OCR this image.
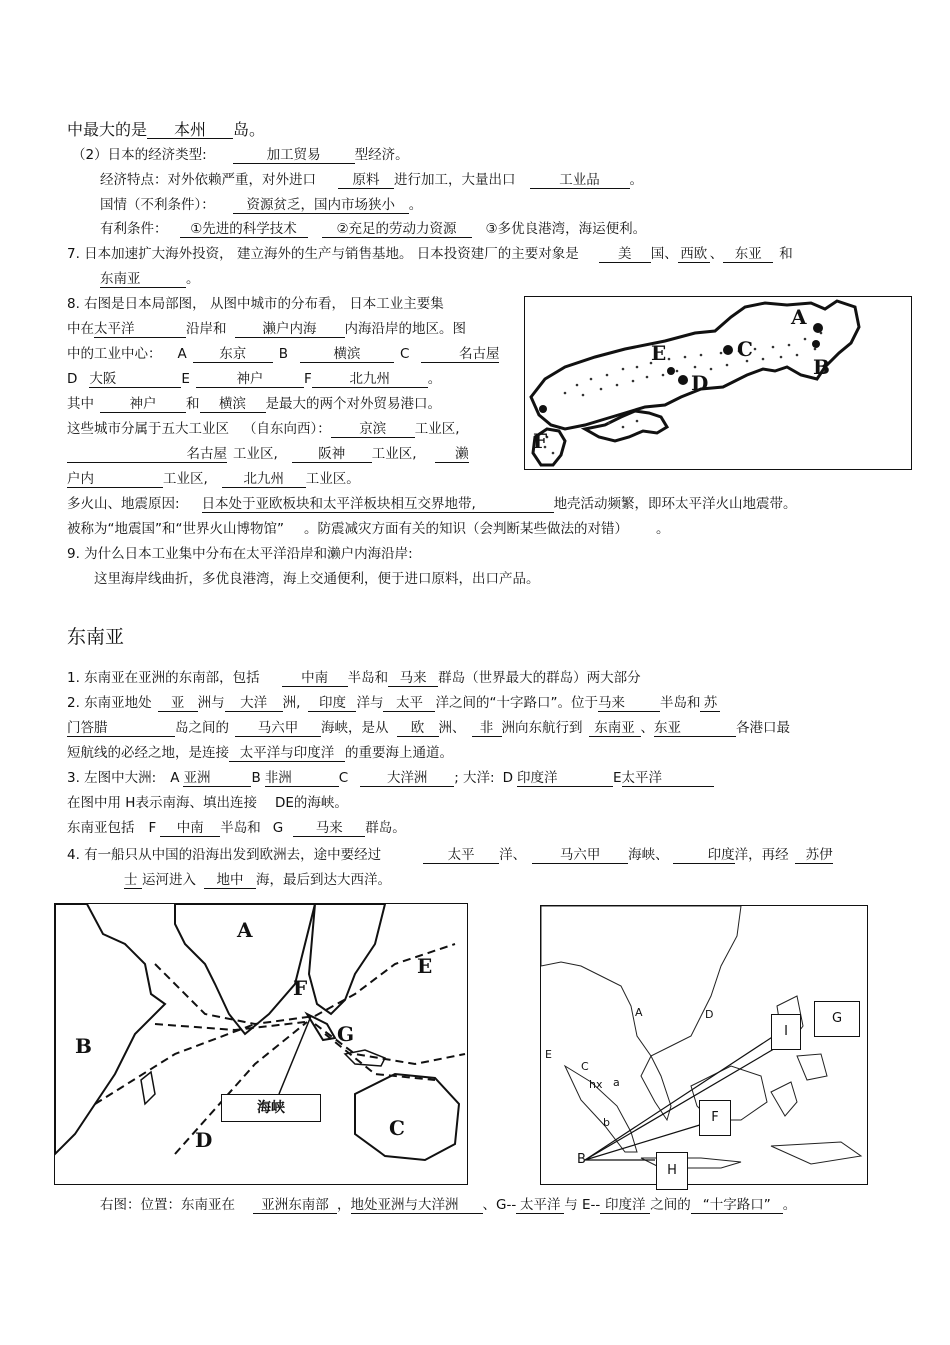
中最大的是 本州 岛。
（2）日本的经济类型:	加工贸易	型经济。
经济特点：对外依赖严重，对外进口	原料 进行加工，大量出口	工业品 。
国情（不利条件）： 资源贫乏，国内市场狭小 。
有利条件： ①先进的科学技术	②充足的劳动力资源 ③多优良港湾，海运便利。
7. 日本加速扩大海外投资， 建立海外的生产与销售基地。 日本投资建厂的主要对象是	美 国、 西欧 、 东亚 和
东南亚	。
8. 右图是日本局部图， 从图中城市的分布看， 日本工业主要集
中在太平洋	沿岸和	濑户内海 内海沿岸的地区。图
中的工业中心： A 东京 B	横滨	C	名古屋
D 大阪	E	神户	F	北九州	。
其中	神户 和 横滨 是最大的两个对外贸易港口。
这些城市分属于五大工业区 （自东向西）： 京滨 工业区,
名古屋 工业区,	阪神 工业区,	濑
户内	工业区,	北九州 工业区。
多火山、地震原因: 日本处于亚欧板块和太平洋板块相互交界地带,	地壳活动频繁，即环太平洋火山地震带。
被称为“地震国”和“世界火山博物馆” 。防震减灾方面有关的知识（会判断某些做法的对错） 。
9. 为什么日本工业集中分布在太平洋沿岸和濑户内海沿岸:
这里海岸线曲折，多优良港湾，海上交通便利，便于进口原料，出口产品。
A
B
C
D
E
F
东南亚
1. 东南亚在亚洲的东南部，包括	中南 半岛和 马来 群岛（世界最大的群岛）两大部分
2. 东南亚地处 亚 洲与 大洋 洲, 印度 洋与 太平 洋之间的“十字路口”。位于马来	半岛和 苏
门答腊	岛之间的 马六甲 海峡，是从 欧 洲、 非 洲向东航行到 东南亚 、东亚	各港口最
短航线的必经之地，是连接 太平洋与印度洋 的重要海上通道。
3. 左图中大洲: A 亚洲	B 非洲	C	大洋洲 ; 大洋: D 印度洋	E太平洋
在图中用 H表示南海、填出连接 DE的海峡。
东南亚包括 F 中南 半岛和 G 马来 群岛。
4. 有一船只从中国的沿海出发到欧洲去，途中要经过	太平 洋、	马六甲 海峡、	印度洋，再经 苏伊
士 运河进入 地中 海，最后到达大西洋。
A
B
C
D
E
F
G
海峡
A
C
D
E
a
b
hx
B
G
I
F
H
右图：位置：东南亚在 亚洲东南部 ，地处亚洲与大洋洲 、G-- 太平洋 与 E-- 印度洋 之间的 “十字路口” 。
